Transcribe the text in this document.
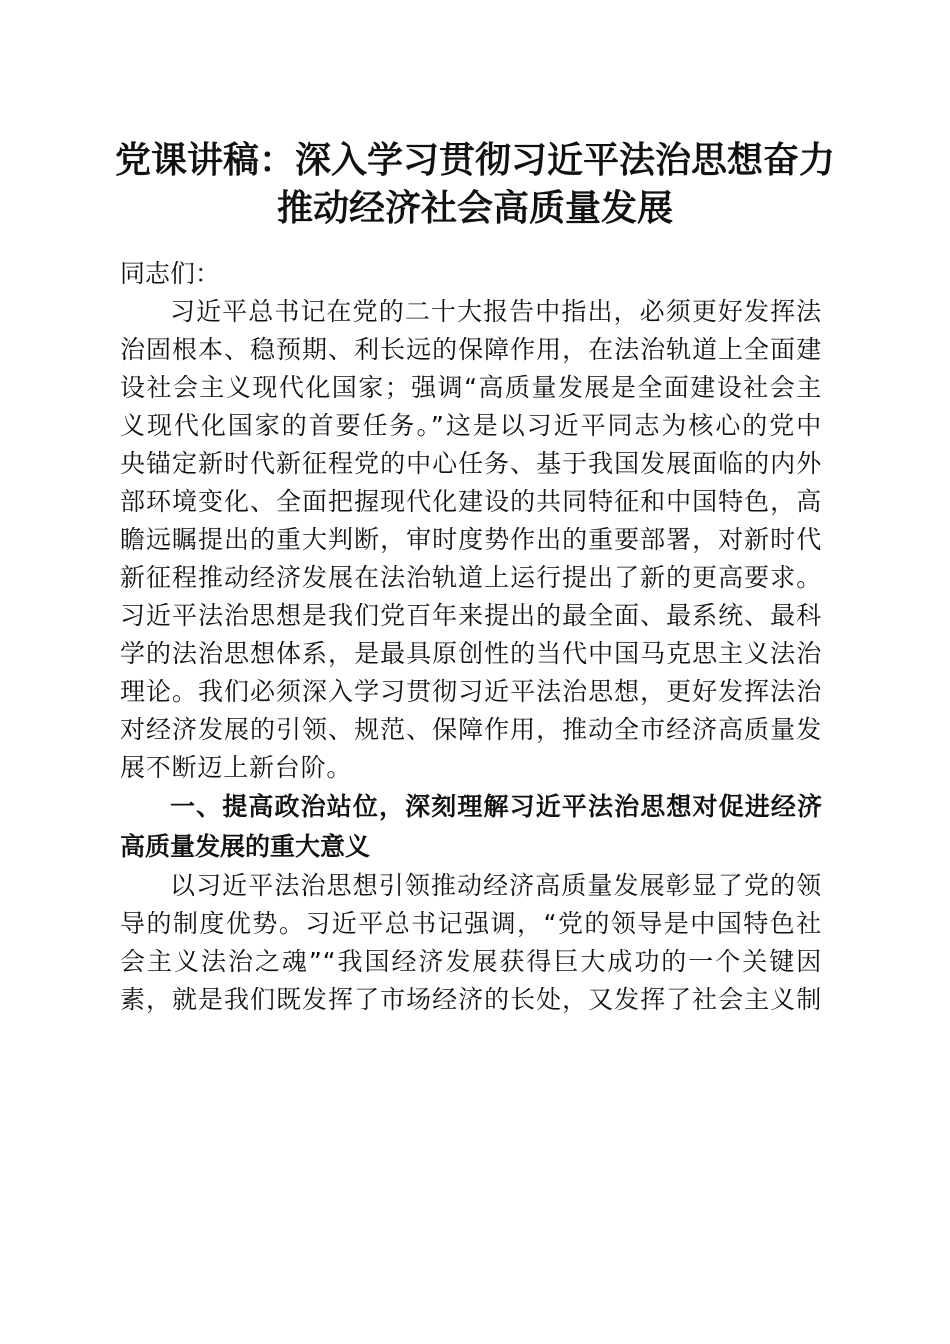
党课讲稿：深入学习贯彻习近平法治思想奋力
推动经济社会高质量发展

同志们：

习近平总书记在党的二十大报告中指出，必须更好发挥法
治固根本、稳预期、利长远的保障作用，在法治轨道上全面建
设社会主义现代化国家；强调“高质量发展是全面建设社会主
义现代化国家的首要任务。”这是以习近平同志为核心的党中
央锚定新时代新征程党的中心任务、基于我国发展面临的内外
部环境变化、全面把握现代化建设的共同特征和中国特色，高
瞻远瞩提出的重大判断，审时度势作出的重要部署，对新时代
新征程推动经济发展在法治轨道上运行提出了新的更高要求。
习近平法治思想是我们党百年来提出的最全面、最系统、最科
学的法治思想体系，是最具原创性的当代中国马克思主义法治
理论。我们必须深入学习贯彻习近平法治思想，更好发挥法治
对经济发展的引领、规范、保障作用，推动全市经济高质量发
展不断迈上新台阶。

一、提高政治站位，深刻理解习近平法治思想对促进经济
高质量发展的重大意义

以习近平法治思想引领推动经济高质量发展彰显了党的领
导的制度优势。习近平总书记强调，“党的领导是中国特色社
会主义法治之魂”“我国经济发展获得巨大成功的一个关键因
素，就是我们既发挥了市场经济的长处，又发挥了社会主义制
